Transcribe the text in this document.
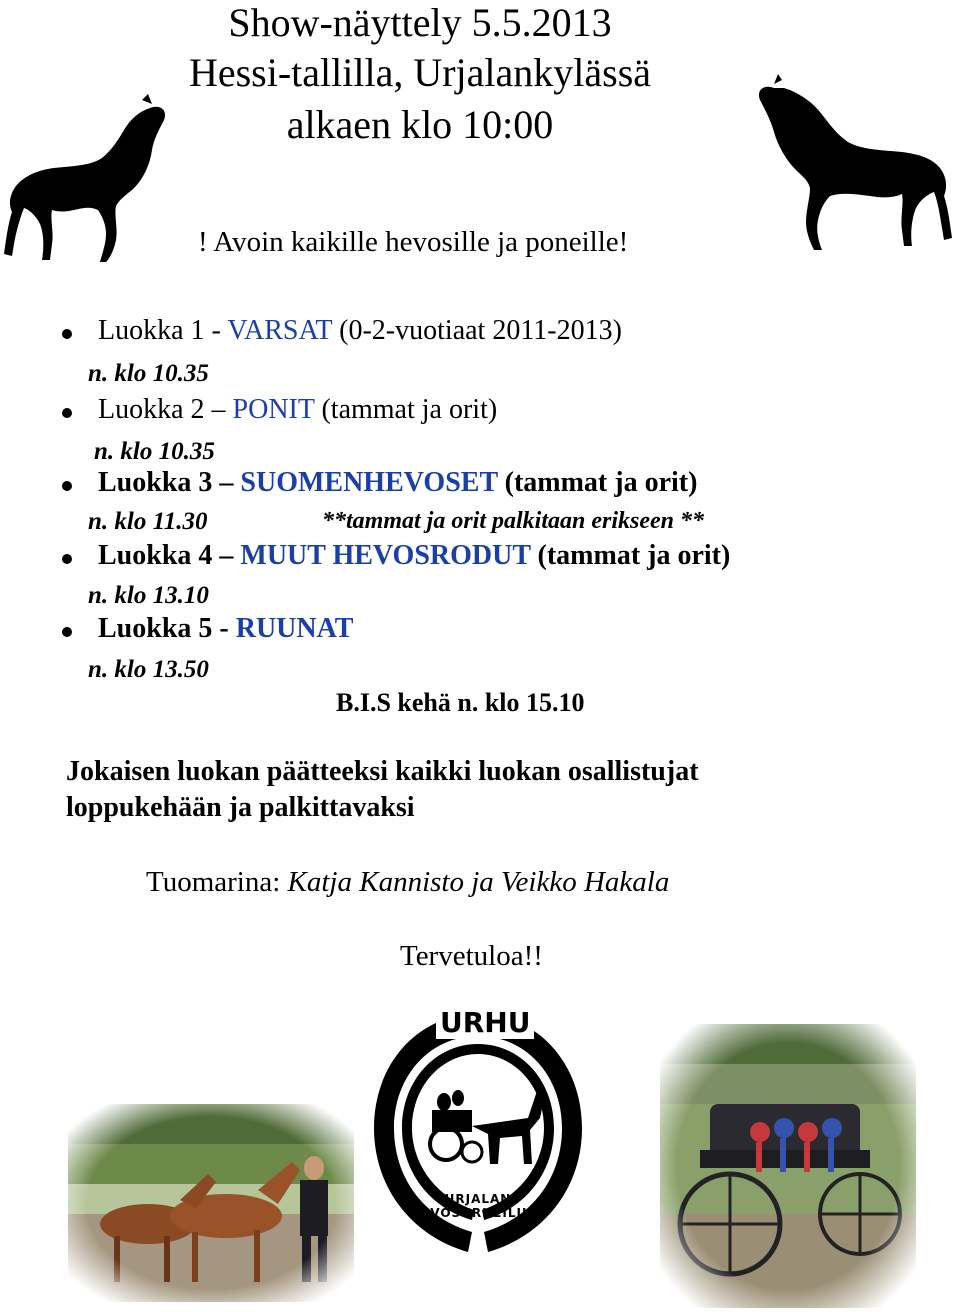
Show-näyttely 5.5.2013
Hessi-tallilla, Urjalankylässä
alkaen klo 10:00
! Avoin kaikille hevosille ja poneille!
Luokka 1 - VARSAT (0-2-vuotiaat 2011-2013)
n. klo 10.35
Luokka 2 – PONIT (tammat ja orit)
n. klo 10.35
Luokka 3 – SUOMENHEVOSET (tammat ja orit)
n. klo 11.30	**tammat ja orit palkitaan erikseen **
Luokka 4 – MUUT HEVOSRODUT (tammat ja orit)
n. klo 13.10
Luokka 5 - RUUNAT
n. klo 13.50
B.I.S kehä n. klo 15.10
Jokaisen luokan päätteeksi kaikki luokan osallistujat
loppukehään ja palkittavaksi
Tuomarina: Katja Kannisto ja Veikko Hakala
Tervetuloa!!
URHU
URJALAN HEVOSURHEILIJAT
